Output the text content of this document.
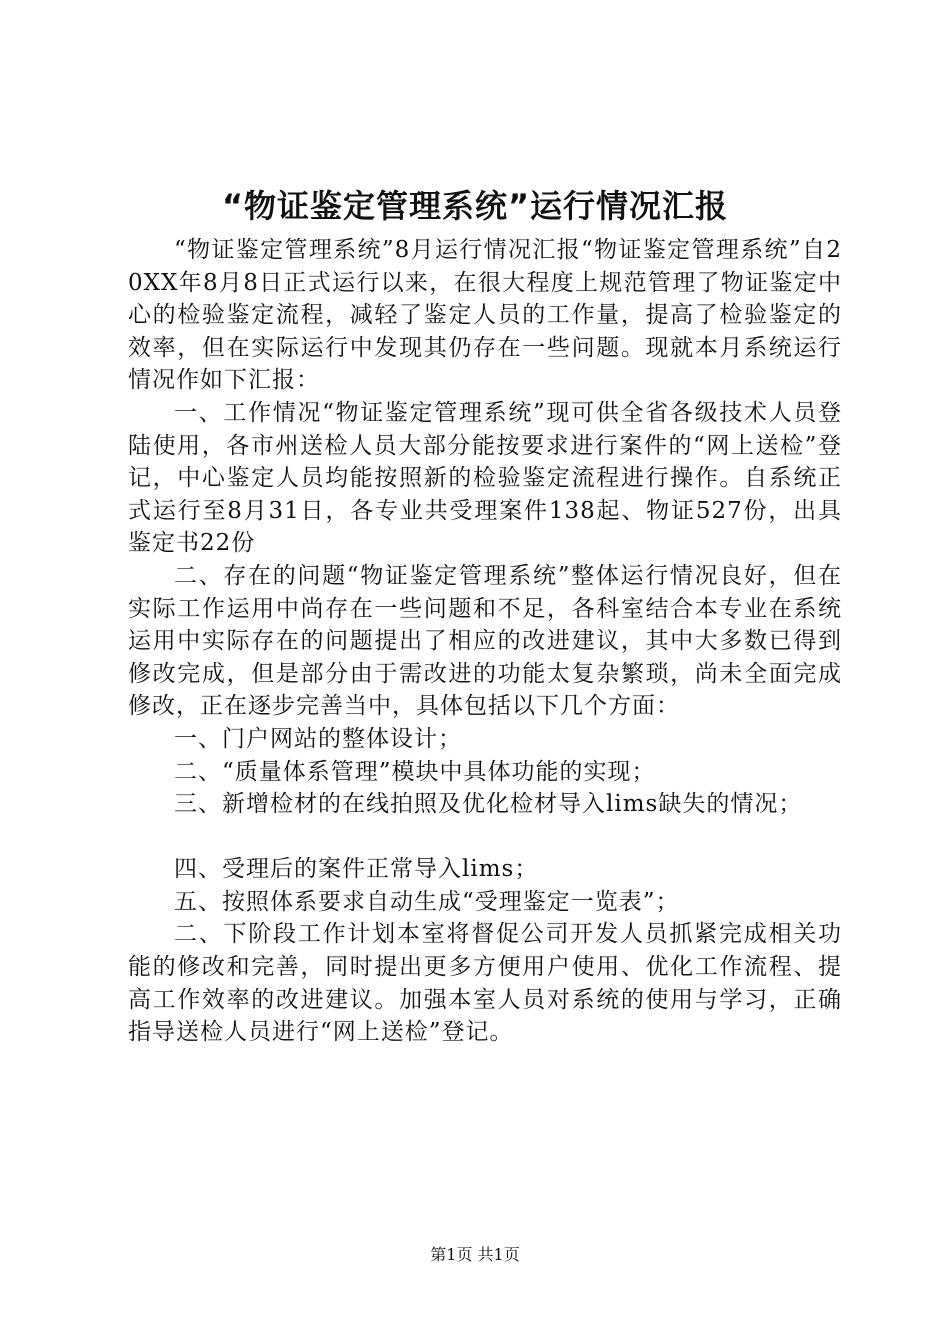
“物证鉴定管理系统”运行情况汇报

“物证鉴定管理系统”8月运行情况汇报“物证鉴定管理系统”自20XX年8月8日正式运行以来，在很大程度上规范管理了物证鉴定中心的检验鉴定流程，减轻了鉴定人员的工作量，提高了检验鉴定的效率，但在实际运行中发现其仍存在一些问题。现就本月系统运行情况作如下汇报：

一、工作情况“物证鉴定管理系统”现可供全省各级技术人员登陆使用，各市州送检人员大部分能按要求进行案件的“网上送检”登记，中心鉴定人员均能按照新的检验鉴定流程进行操作。自系统正式运行至8月31日，各专业共受理案件138起、物证527份，出具鉴定书22份

二、存在的问题“物证鉴定管理系统”整体运行情况良好，但在实际工作运用中尚存在一些问题和不足，各科室结合本专业在系统运用中实际存在的问题提出了相应的改进建议，其中大多数已得到修改完成，但是部分由于需改进的功能太复杂繁琐，尚未全面完成修改，正在逐步完善当中，具体包括以下几个方面：

一、门户网站的整体设计；

二、“质量体系管理”模块中具体功能的实现；

三、新增检材的在线拍照及优化检材导入lims缺失的情况；

四、受理后的案件正常导入lims；

五、按照体系要求自动生成“受理鉴定一览表”；

二、下阶段工作计划本室将督促公司开发人员抓紧完成相关功能的修改和完善，同时提出更多方便用户使用、优化工作流程、提高工作效率的改进建议。加强本室人员对系统的使用与学习，正确指导送检人员进行“网上送检”登记。

第1页 共1页
